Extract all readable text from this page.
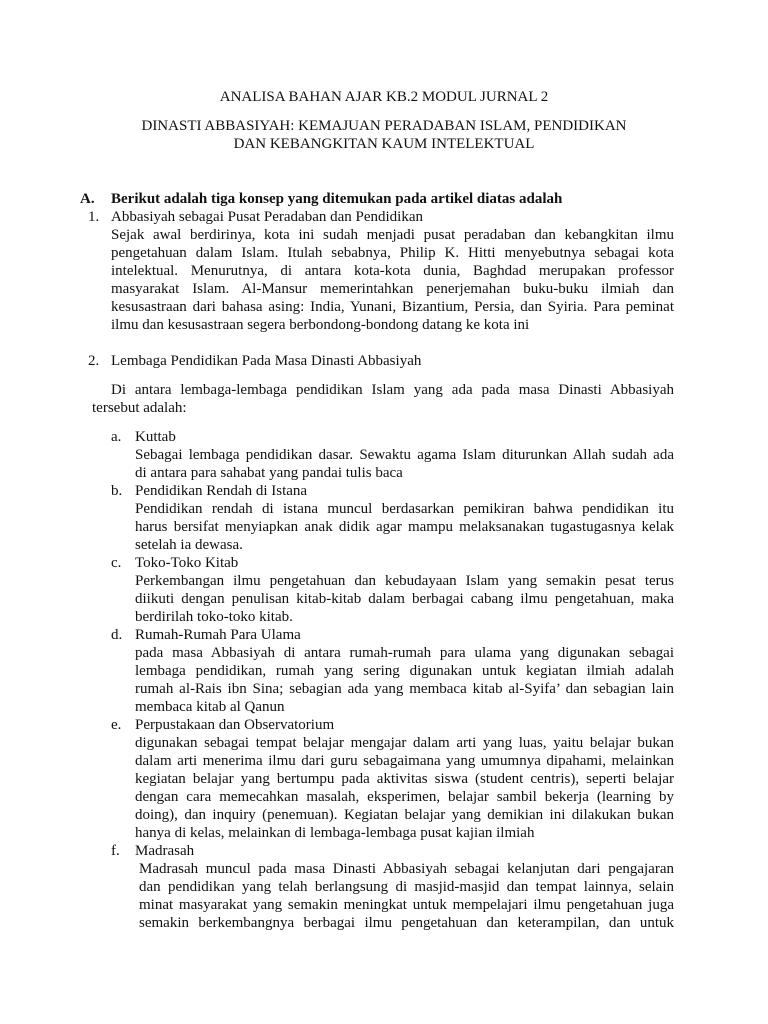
ANALISA BAHAN AJAR KB.2 MODUL JURNAL 2
DINASTI ABBASIYAH: KEMAJUAN PERADABAN ISLAM, PENDIDIKAN DAN KEBANGKITAN KAUM INTELEKTUAL
A. Berikut adalah tiga konsep yang ditemukan pada artikel diatas adalah
1. Abbasiyah sebagai Pusat Peradaban dan Pendidikan
Sejak awal berdirinya, kota ini sudah menjadi pusat peradaban dan kebangkitan ilmu
pengetahuan dalam Islam. Itulah sebabnya, Philip K. Hitti menyebutnya sebagai kota
intelektual. Menurutnya, di antara kota-kota dunia, Baghdad merupakan professor
masyarakat Islam. Al-Mansur memerintahkan penerjemahan buku-buku ilmiah dan
kesusastraan dari bahasa asing: India, Yunani, Bizantium, Persia, dan Syiria. Para peminat
ilmu dan kesusastraan segera berbondong-bondong datang ke kota ini
2. Lembaga Pendidikan Pada Masa Dinasti Abbasiyah
Di antara lembaga-lembaga pendidikan Islam yang ada pada masa Dinasti Abbasiyah
tersebut adalah:
a. Kuttab
Sebagai lembaga pendidikan dasar. Sewaktu agama Islam diturunkan Allah sudah ada
di antara para sahabat yang pandai tulis baca
b. Pendidikan Rendah di Istana
Pendidikan rendah di istana muncul berdasarkan pemikiran bahwa pendidikan itu
harus bersifat menyiapkan anak didik agar mampu melaksanakan tugastugasnya kelak
setelah ia dewasa.
c. Toko-Toko Kitab
Perkembangan ilmu pengetahuan dan kebudayaan Islam yang semakin pesat terus
diikuti dengan penulisan kitab-kitab dalam berbagai cabang ilmu pengetahuan, maka
berdirilah toko-toko kitab.
d. Rumah-Rumah Para Ulama
pada masa Abbasiyah di antara rumah-rumah para ulama yang digunakan sebagai
lembaga pendidikan, rumah yang sering digunakan untuk kegiatan ilmiah adalah
rumah al-Rais ibn Sina; sebagian ada yang membaca kitab al-Syifa’ dan sebagian lain
membaca kitab al Qanun
e. Perpustakaan dan Observatorium
digunakan sebagai tempat belajar mengajar dalam arti yang luas, yaitu belajar bukan
dalam arti menerima ilmu dari guru sebagaimana yang umumnya dipahami, melainkan
kegiatan belajar yang bertumpu pada aktivitas siswa (student centris), seperti belajar
dengan cara memecahkan masalah, eksperimen, belajar sambil bekerja (learning by
doing), dan inquiry (penemuan). Kegiatan belajar yang demikian ini dilakukan bukan
hanya di kelas, melainkan di lembaga-lembaga pusat kajian ilmiah
f. Madrasah
Madrasah muncul pada masa Dinasti Abbasiyah sebagai kelanjutan dari pengajaran
dan pendidikan yang telah berlangsung di masjid-masjid dan tempat lainnya, selain
minat masyarakat yang semakin meningkat untuk mempelajari ilmu pengetahuan juga
semakin berkembangnya berbagai ilmu pengetahuan dan keterampilan, dan untuk
